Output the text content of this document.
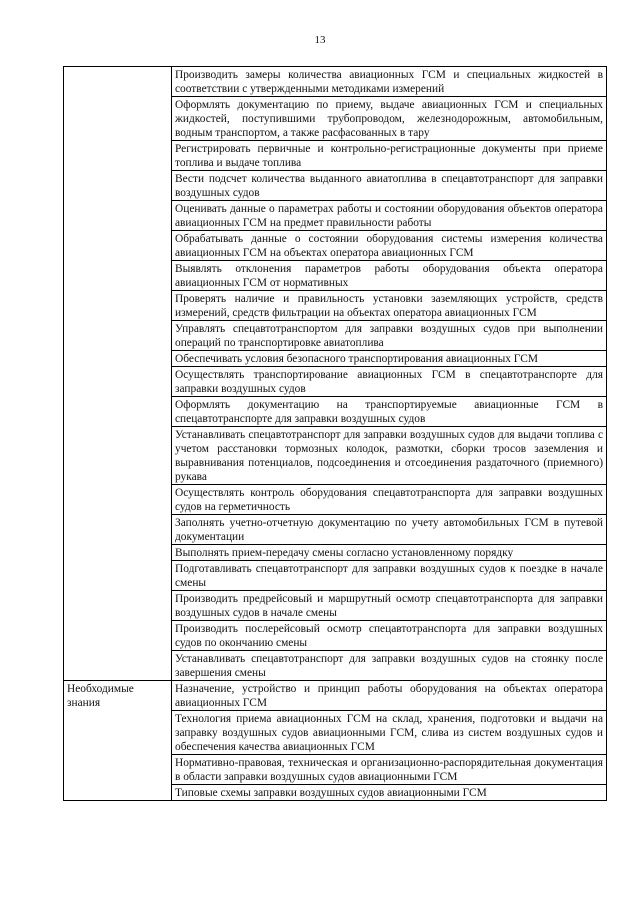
13
	Производить замеры количества авиационных ГСМ и специальных жидкостей в соответствии с утвержденными методиками измерений
	Оформлять документацию по приему, выдаче авиационных ГСМ и специальных жидкостей, поступившими трубопроводом, железнодорожным, автомобильным, водным транспортом, а также расфасованных в тару
	Регистрировать первичные и контрольно-регистрационные документы при приеме топлива и выдаче топлива
	Вести подсчет количества выданного авиатоплива в спецавтотранспорт для заправки воздушных судов
	Оценивать данные о параметрах работы и состоянии оборудования объектов оператора авиационных ГСМ на предмет правильности работы
	Обрабатывать данные о состоянии оборудования системы измерения количества авиационных ГСМ на объектах оператора авиационных ГСМ
	Выявлять отклонения параметров работы оборудования объекта оператора авиационных ГСМ от нормативных
	Проверять наличие и правильность установки заземляющих устройств, средств измерений, средств фильтрации на объектах оператора авиационных ГСМ
	Управлять спецавтотранспортом для заправки воздушных судов при выполнении операций по транспортировке авиатоплива
	Обеспечивать условия безопасного транспортирования авиационных ГСМ
	Осуществлять транспортирование авиационных ГСМ в спецавтотранспорте для заправки воздушных судов
	Оформлять документацию на транспортируемые авиационные ГСМ в спецавтотранспорте для заправки воздушных судов
	Устанавливать спецавтотранспорт для заправки воздушных судов для выдачи топлива с учетом расстановки тормозных колодок, размотки, сборки тросов заземления и выравнивания потенциалов, подсоединения и отсоединения раздаточного (приемного) рукава
	Осуществлять контроль оборудования спецавтотранспорта для заправки воздушных судов на герметичность
	Заполнять учетно-отчетную документацию по учету автомобильных ГСМ в путевой документации
	Выполнять прием-передачу смены согласно установленному порядку
	Подготавливать спецавтотранспорт для заправки воздушных судов к поездке в начале смены
	Производить предрейсовый и маршрутный осмотр спецавтотранспорта для заправки воздушных судов в начале смены
	Производить послерейсовый осмотр спецавтотранспорта для заправки воздушных судов по окончанию смены
	Устанавливать спецавтотранспорт для заправки воздушных судов на стоянку после завершения смены
Необходимые знания	Назначение, устройство и принцип работы оборудования на объектах оператора авиационных ГСМ
	Технология приема авиационных ГСМ на склад, хранения, подготовки и выдачи на заправку воздушных судов авиационными ГСМ, слива из систем воздушных судов и обеспечения качества авиационных ГСМ
	Нормативно-правовая, техническая и организационно-распорядительная документация в области заправки воздушных судов авиационными ГСМ
	Типовые схемы заправки воздушных судов авиационными ГСМ
